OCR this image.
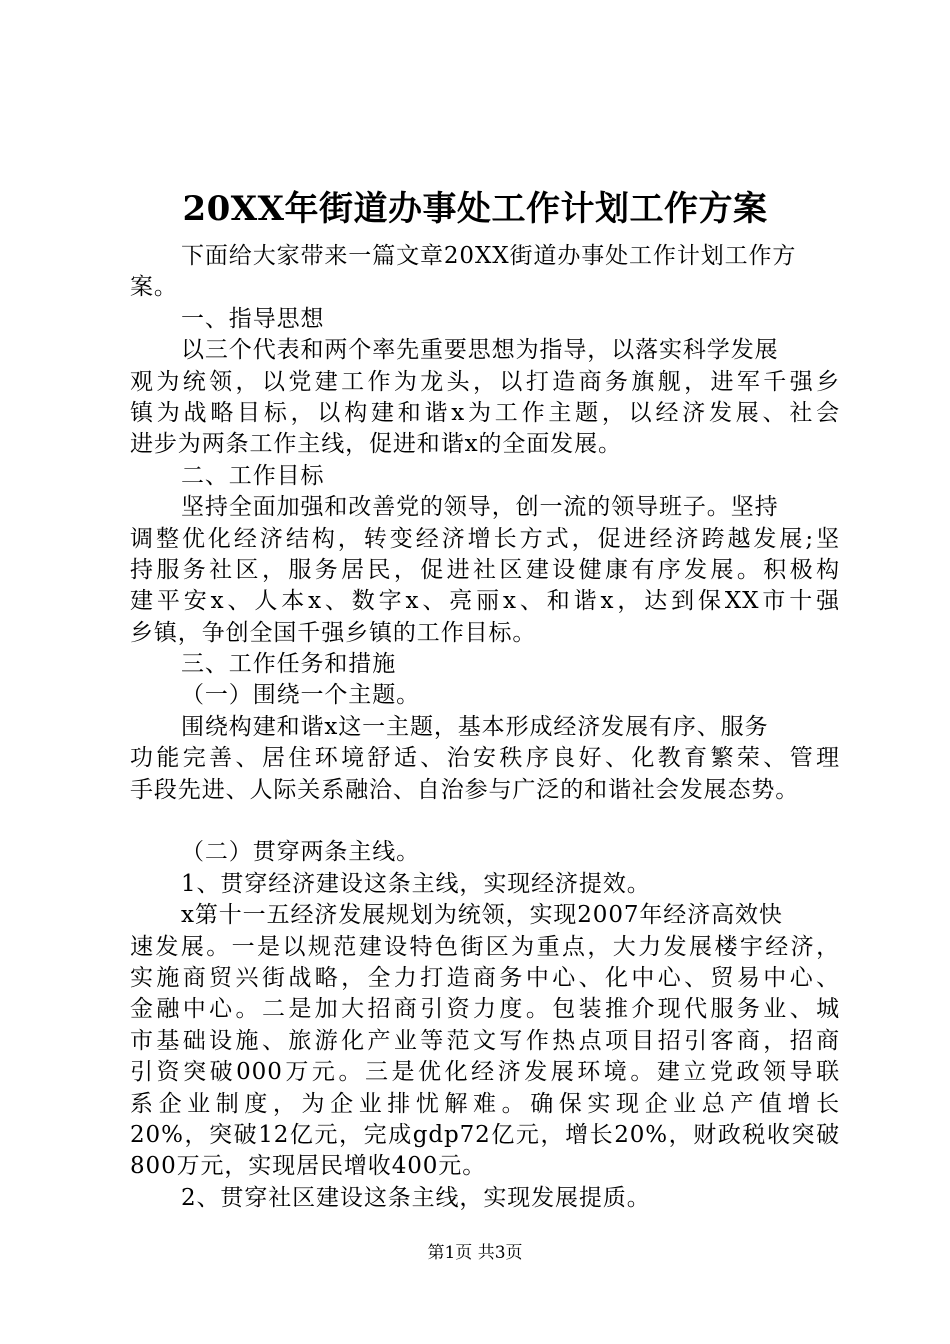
20XX年街道办事处工作计划工作方案
下面给大家带来一篇文章20XX街道办事处工作计划工作方
案。
一、指导思想
以三个代表和两个率先重要思想为指导，以落实科学发展
观为统领，以党建工作为龙头，以打造商务旗舰，进军千强乡
镇为战略目标，以构建和谐x为工作主题，以经济发展、社会
进步为两条工作主线，促进和谐x的全面发展。
二、工作目标
坚持全面加强和改善党的领导，创一流的领导班子。坚持
调整优化经济结构，转变经济增长方式，促进经济跨越发展;坚
持服务社区，服务居民，促进社区建设健康有序发展。积极构
建平安x、人本x、数字x、亮丽x、和谐x，达到保XX市十强
乡镇，争创全国千强乡镇的工作目标。
三、工作任务和措施
（一）围绕一个主题。
围绕构建和谐x这一主题，基本形成经济发展有序、服务
功能完善、居住环境舒适、治安秩序良好、化教育繁荣、管理
手段先进、人际关系融洽、自治参与广泛的和谐社会发展态势。
（二）贯穿两条主线。
1、贯穿经济建设这条主线，实现经济提效。
x第十一五经济发展规划为统领，实现2007年经济高效快
速发展。一是以规范建设特色街区为重点，大力发展楼宇经济，
实施商贸兴街战略，全力打造商务中心、化中心、贸易中心、
金融中心。二是加大招商引资力度。包装推介现代服务业、城
市基础设施、旅游化产业等范文写作热点项目招引客商，招商
引资突破000万元。三是优化经济发展环境。建立党政领导联
系企业制度，为企业排忧解难。确保实现企业总产值增长
20%，突破12亿元，完成gdp72亿元，增长20%，财政税收突破
800万元，实现居民增收400元。
2、贯穿社区建设这条主线，实现发展提质。
第1页 共3页
